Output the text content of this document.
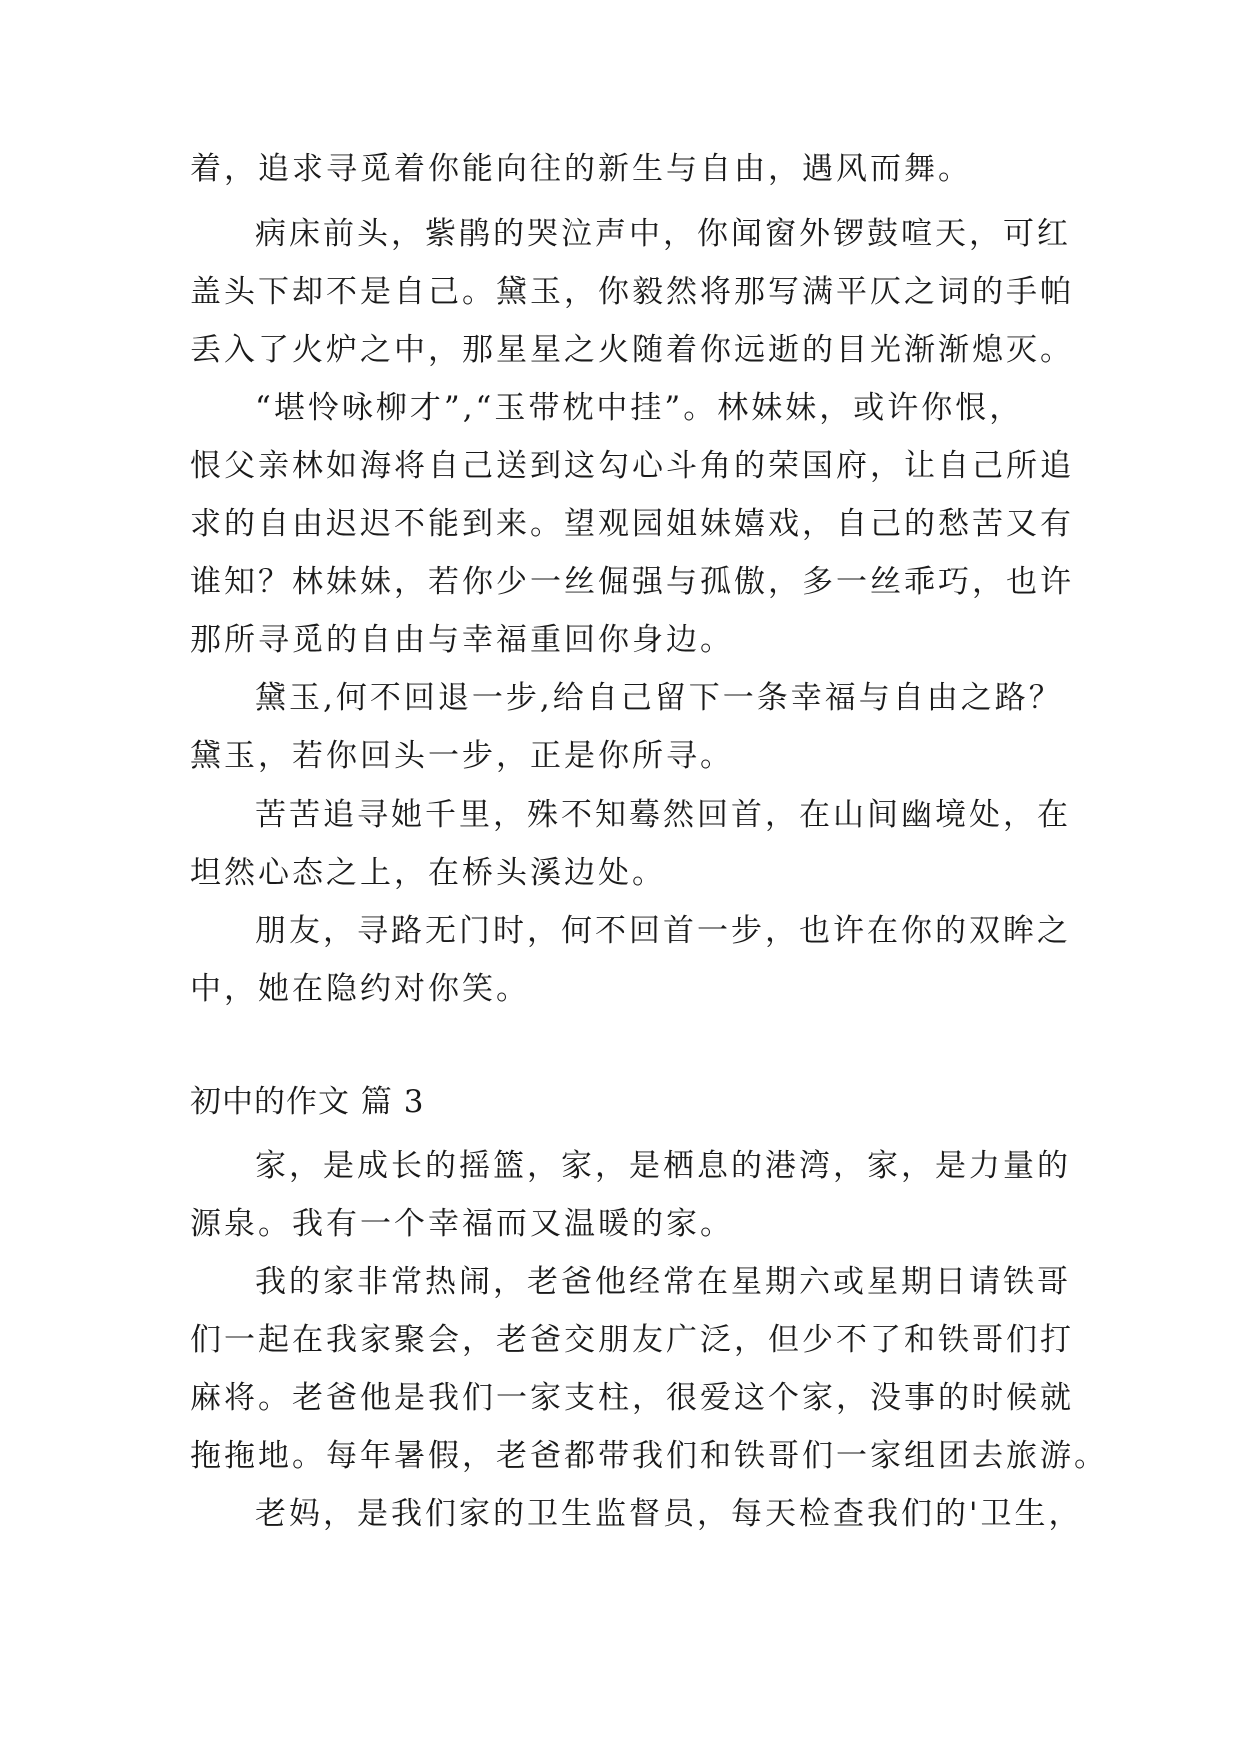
着，追求寻觅着你能向往的新生与自由，遇风而舞。
病床前头，紫鹃的哭泣声中，你闻窗外锣鼓喧天，可红
盖头下却不是自己。黛玉，你毅然将那写满平仄之词的手帕
丢入了火炉之中，那星星之火随着你远逝的目光渐渐熄灭。
“堪怜咏柳才”,“玉带枕中挂”。林妹妹，或许你恨，
恨父亲林如海将自己送到这勾心斗角的荣国府，让自己所追
求的自由迟迟不能到来。望观园姐妹嬉戏，自己的愁苦又有
谁知？林妹妹，若你少一丝倔强与孤傲，多一丝乖巧，也许
那所寻觅的自由与幸福重回你身边。
黛玉,何不回退一步,给自己留下一条幸福与自由之路？
黛玉，若你回头一步，正是你所寻。
苦苦追寻她千里，殊不知蓦然回首，在山间幽境处，在
坦然心态之上，在桥头溪边处。
朋友，寻路无门时，何不回首一步，也许在你的双眸之
中，她在隐约对你笑。
初中的作文 篇 3
家，是成长的摇篮，家，是栖息的港湾，家，是力量的
源泉。我有一个幸福而又温暖的家。
我的家非常热闹，老爸他经常在星期六或星期日请铁哥
们一起在我家聚会，老爸交朋友广泛，但少不了和铁哥们打
麻将。老爸他是我们一家支柱，很爱这个家，没事的时候就
拖拖地。每年暑假，老爸都带我们和铁哥们一家组团去旅游。
老妈，是我们家的卫生监督员，每天检查我们的'卫生，
